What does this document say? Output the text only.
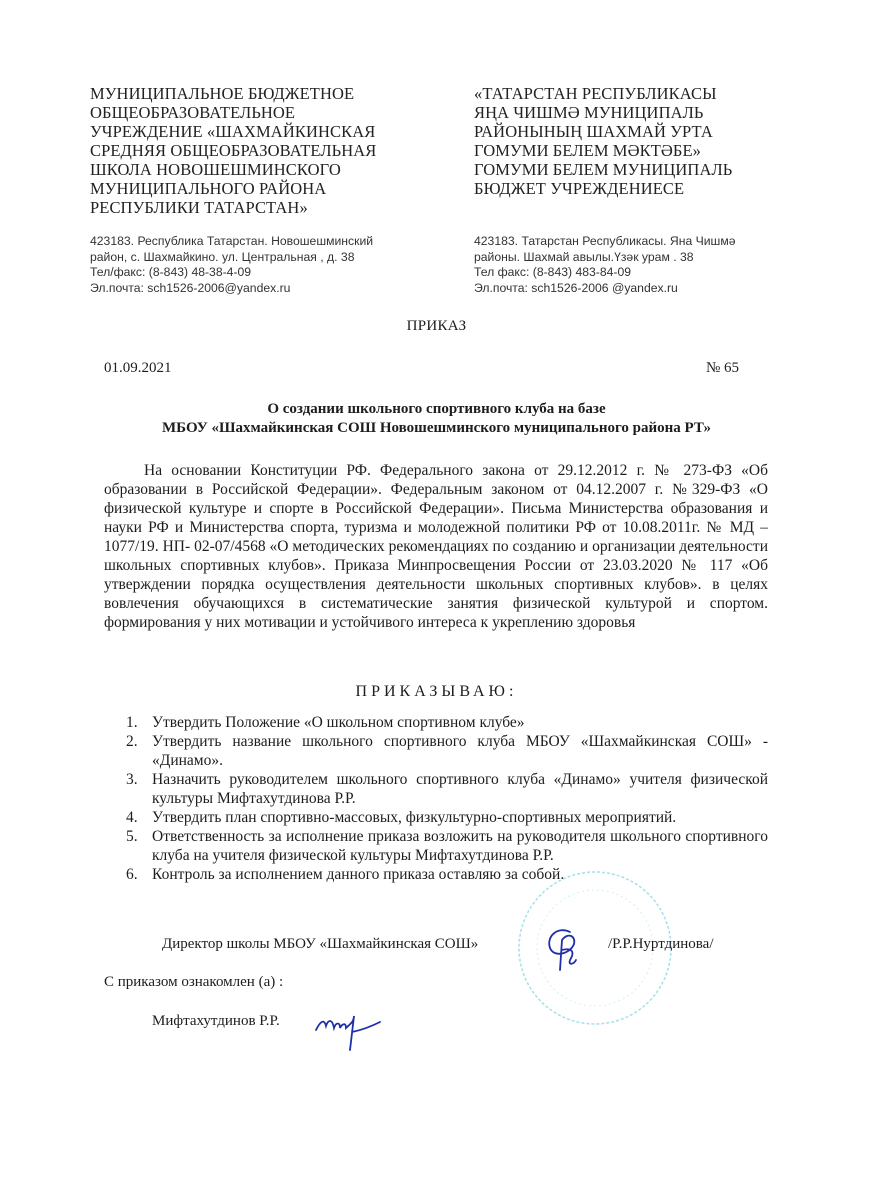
МУНИЦИПАЛЬНОЕ БЮДЖЕТНОЕ
ОБЩЕОБРАЗОВАТЕЛЬНОЕ
УЧРЕЖДЕНИЕ «ШАХМАЙКИНСКАЯ
СРЕДНЯЯ ОБЩЕОБРАЗОВАТЕЛЬНАЯ
ШКОЛА НОВОШЕШМИНСКОГО
МУНИЦИПАЛЬНОГО РАЙОНА
РЕСПУБЛИКИ ТАТАРСТАН»
423183. Республика Татарстан. Новошешминский
район, с. Шахмайкино. ул. Центральная , д. 38
Тел/факс: (8-843) 48-38-4-09
Эл.почта: sch1526-2006@yandex.ru
«ТАТАРСТАН РЕСПУБЛИКАСЫ
ЯҢА ЧИШМӘ МУНИЦИПАЛЬ
РАЙОНЫНЫҢ ШАХМАЙ УРТА
ГОМУМИ БЕЛЕМ МӘКТӘБЕ»
ГОМУМИ БЕЛЕМ МУНИЦИПАЛЬ
БЮДЖЕТ УЧРЕЖДЕНИЕСЕ
423183. Татарстан Республикасы. Яна Чишмә
районы. Шахмай авылы.Үзәк урам . 38
Тел факс: (8-843) 483-84-09
Эл.почта: sch1526-2006 @yandex.ru
ПРИКАЗ
01.09.2021	№ 65
О создании школьного спортивного клуба на базе
МБОУ «Шахмайкинская СОШ Новошешминского муниципального района РТ»

На основании Конституции РФ. Федерального закона от 29.12.2012 г. № 273-ФЗ «Об образовании в Российской Федерации». Федеральным законом от 04.12.2007 г. №329-ФЗ «О физической культуре и спорте в Российской Федерации». Письма Министерства образования и науки РФ и Министерства спорта, туризма и молодежной политики РФ от 10.08.2011г. № МД – 1077/19. НП- 02-07/4568 «О методических рекомендациях по созданию и организации деятельности школьных спортивных клубов». Приказа Минпросвещения России от 23.03.2020 № 117 «Об утверждении порядка осуществления деятельности школьных спортивных клубов». в целях вовлечения обучающихся в систематические занятия физической культурой и спортом. формирования у них мотивации и устойчивого интереса к укреплению здоровья

ПРИКАЗЫВАЮ:
1. Утвердить Положение «О школьном спортивном клубе»
2. Утвердить название школьного спортивного клуба МБОУ «Шахмайкинская СОШ» - «Динамо».
3. Назначить руководителем школьного спортивного клуба «Динамо» учителя физической культуры Мифтахутдинова Р.Р.
4. Утвердить план спортивно-массовых, физкультурно-спортивных мероприятий.
5. Ответственность за исполнение приказа возложить на руководителя школьного спортивного клуба на учителя физической культуры Мифтахутдинова Р.Р.
6. Контроль за исполнением данного приказа оставляю за собой.
Директор школы МБОУ «Шахмайкинская СОШ»	/Р.Р.Нуртдинова/
С приказом ознакомлен (а) :
Мифтахутдинов Р.Р.
